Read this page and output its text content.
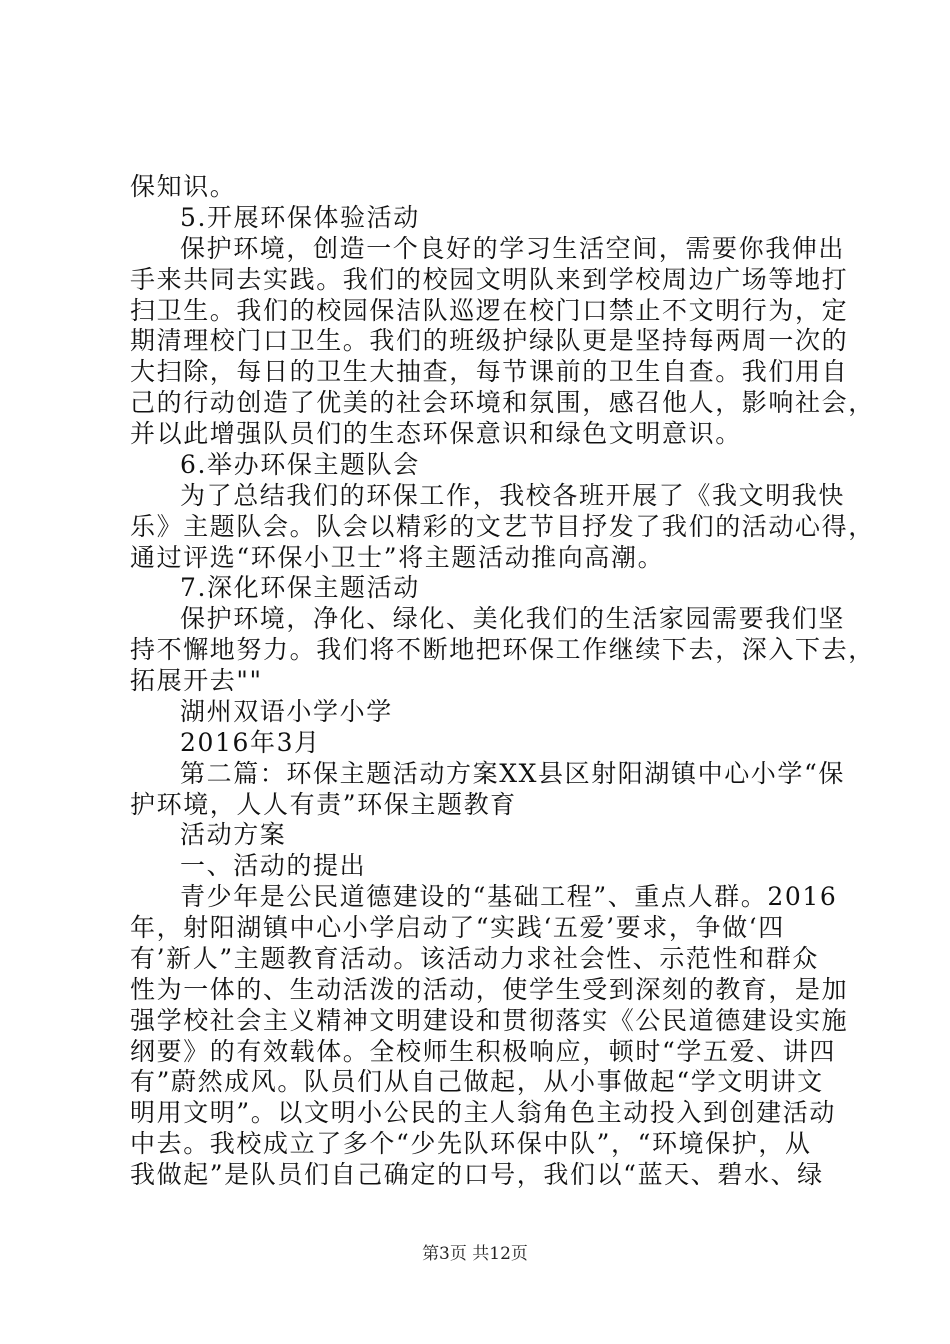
保知识。
5.开展环保体验活动
保护环境，创造一个良好的学习生活空间，需要你我伸出
手来共同去实践。我们的校园文明队来到学校周边广场等地打
扫卫生。我们的校园保洁队巡逻在校门口禁止不文明行为，定
期清理校门口卫生。我们的班级护绿队更是坚持每两周一次的
大扫除，每日的卫生大抽查，每节课前的卫生自查。我们用自
己的行动创造了优美的社会环境和氛围，感召他人，影响社会，
并以此增强队员们的生态环保意识和绿色文明意识。
6.举办环保主题队会
为了总结我们的环保工作，我校各班开展了《我文明我快
乐》主题队会。队会以精彩的文艺节目抒发了我们的活动心得，
通过评选“环保小卫士”将主题活动推向高潮。
7.深化环保主题活动
保护环境，净化、绿化、美化我们的生活家园需要我们坚
持不懈地努力。我们将不断地把环保工作继续下去，深入下去，
拓展开去""
湖州双语小学小学
2016年3月
第二篇：环保主题活动方案XX县区射阳湖镇中心小学“保
护环境，人人有责”环保主题教育
活动方案
一、活动的提出
青少年是公民道德建设的“基础工程”、重点人群。2016
年，射阳湖镇中心小学启动了“实践‘五爱’要求，争做‘四
有’新人”主题教育活动。该活动力求社会性、示范性和群众
性为一体的、生动活泼的活动，使学生受到深刻的教育，是加
强学校社会主义精神文明建设和贯彻落实《公民道德建设实施
纲要》的有效载体。全校师生积极响应，顿时“学五爱、讲四
有”蔚然成风。队员们从自己做起，从小事做起“学文明讲文
明用文明”。以文明小公民的主人翁角色主动投入到创建活动
第3页 共12页
中去。我校成立了多个“少先队环保中队”，“环境保护，从
我做起”是队员们自己确定的口号，我们以“蓝天、碧水、绿
